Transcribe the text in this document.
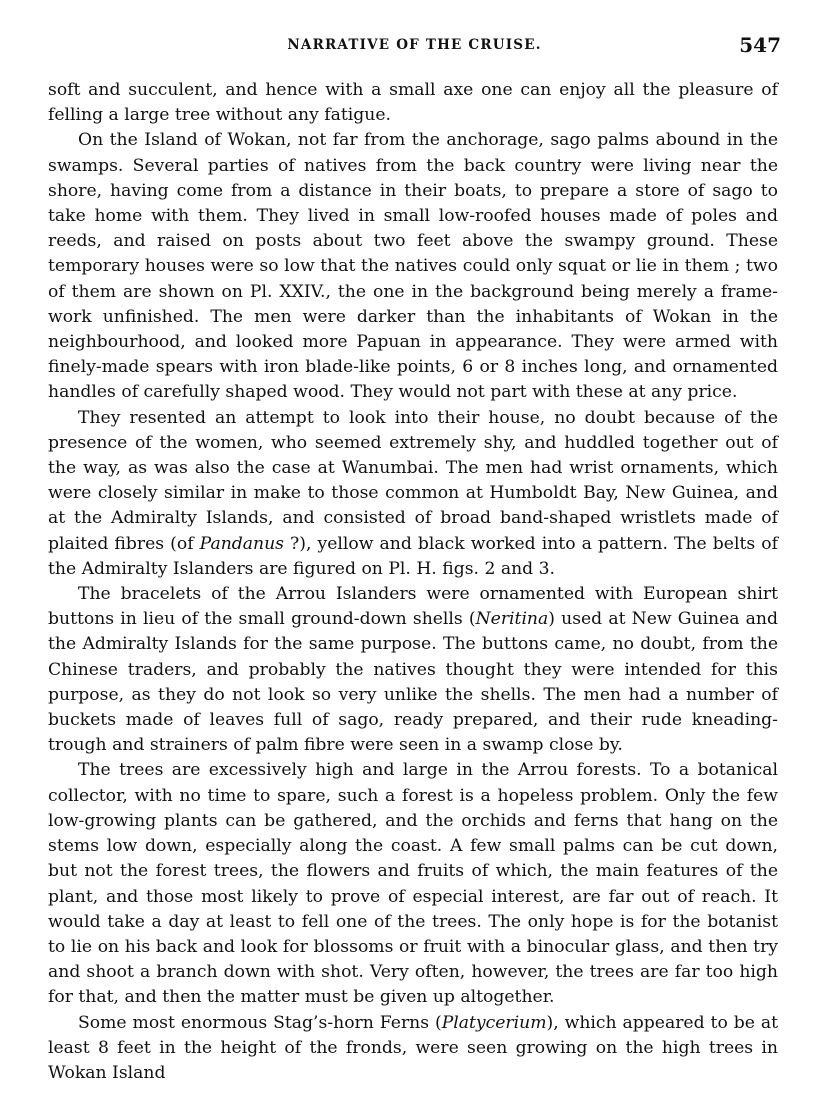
NARRATIVE OF THE CRUISE.	547

soft and succulent, and hence with a small axe one can enjoy all the pleasure of felling a large tree without any fatigue.

On the Island of Wokan, not far from the anchorage, sago palms abound in the swamps. Several parties of natives from the back country were living near the shore, having come from a distance in their boats, to prepare a store of sago to take home with them. They lived in small low-roofed houses made of poles and reeds, and raised on posts about two feet above the swampy ground. These temporary houses were so low that the natives could only squat or lie in them ; two of them are shown on Pl. XXIV., the one in the background being merely a frame-work unfinished. The men were darker than the inhabitants of Wokan in the neighbourhood, and looked more Papuan in appearance. They were armed with finely-made spears with iron blade-like points, 6 or 8 inches long, and ornamented handles of carefully shaped wood. They would not part with these at any price.

They resented an attempt to look into their house, no doubt because of the presence of the women, who seemed extremely shy, and huddled together out of the way, as was also the case at Wanumbai. The men had wrist ornaments, which were closely similar in make to those common at Humboldt Bay, New Guinea, and at the Admiralty Islands, and consisted of broad band-shaped wristlets made of plaited fibres (of Pandanus ?), yellow and black worked into a pattern. The belts of the Admiralty Islanders are figured on Pl. H. figs. 2 and 3.

The bracelets of the Arrou Islanders were ornamented with European shirt buttons in lieu of the small ground-down shells (Neritina) used at New Guinea and the Admiralty Islands for the same purpose. The buttons came, no doubt, from the Chinese traders, and probably the natives thought they were intended for this purpose, as they do not look so very unlike the shells. The men had a number of buckets made of leaves full of sago, ready prepared, and their rude kneading-trough and strainers of palm fibre were seen in a swamp close by.

The trees are excessively high and large in the Arrou forests. To a botanical collector, with no time to spare, such a forest is a hopeless problem. Only the few low-growing plants can be gathered, and the orchids and ferns that hang on the stems low down, especially along the coast. A few small palms can be cut down, but not the forest trees, the flowers and fruits of which, the main features of the plant, and those most likely to prove of especial interest, are far out of reach. It would take a day at least to fell one of the trees. The only hope is for the botanist to lie on his back and look for blossoms or fruit with a binocular glass, and then try and shoot a branch down with shot. Very often, however, the trees are far too high for that, and then the matter must be given up altogether.

Some most enormous Stag’s-horn Ferns (Platycerium), which appeared to be at least 8 feet in the height of the fronds, were seen growing on the high trees in Wokan Island
